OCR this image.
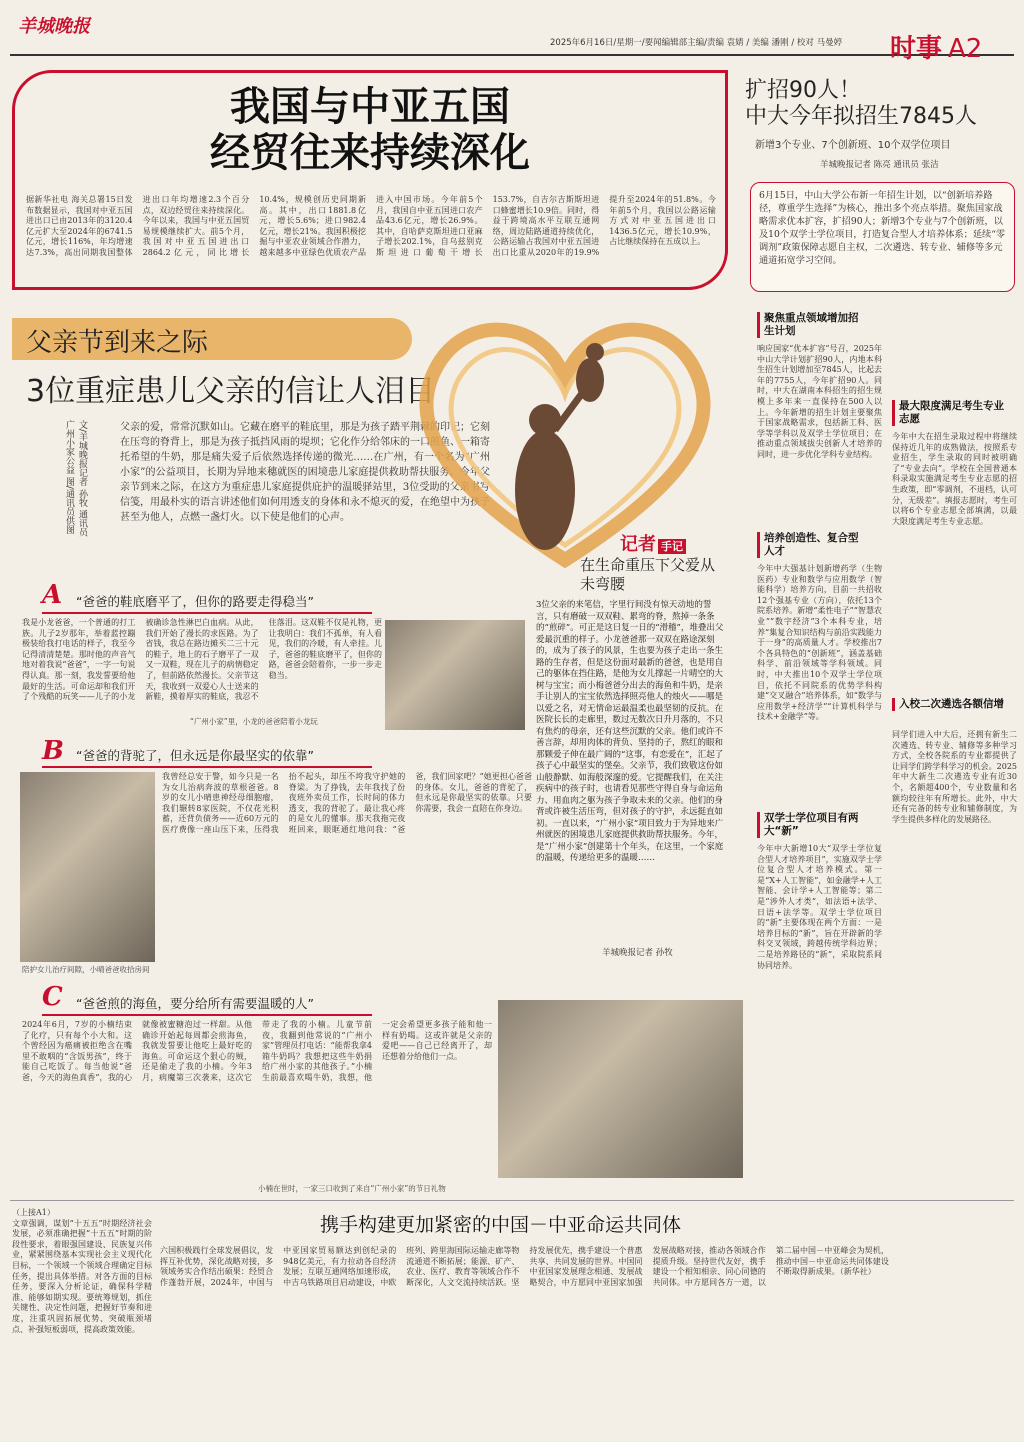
羊城晚报
2025年6月16日/星期一/要闻编辑部主编/责编 袁婧 / 美编 潘刚 / 校对 马曼婷 时事 A2
我国与中亚五国
经贸往来持续深化
据新华社电 海关总署15日发布数据显示，我国对中亚五国进出口已由2013年的3120.4亿元扩大至2024年的6741.5亿元，增长116%，年均增速达7.3%，高出同期我国整体进出口年均增速2.3个百分点，双边经贸往来持续深化。今年以来，我国与中亚五国贸易规模继续扩大。前5个月，我国对中亚五国进出口2864.2亿元，同比增长10.4%，规模创历史同期新高。其中，出口1881.8亿元，增长5.6%；进口982.4亿元，增长21%。我国积极挖掘与中亚农业领域合作潜力，越来越多中亚绿色优质农产品进入中国市场。今年前5个月，我国自中亚五国进口农产品43.6亿元，增长26.9%。其中，自哈萨克斯坦进口亚麻子增长202.1%，自乌兹别克斯坦进口葡萄干增长153.7%，自吉尔吉斯斯坦进口蜂蜜增长10.9倍。同时，得益于跨境高水平互联互通网络，周边陆路通道持续优化，公路运输占我国对中亚五国进出口比重从2020年的19.9%提升至2024年的51.8%。今年前5个月，我国以公路运输方式对中亚五国进出口1436.5亿元，增长10.9%，占比继续保持在五成以上。
扩招90人！
中大今年拟招生7845人
新增3个专业、7个创新班、10个双学位项目
羊城晚报记者 陈亮 通讯员 张洁
6月15日，中山大学公布新一年招生计划，以“创新培养路径，尊重学生选择”为核心，推出多个亮点举措。聚焦国家战略需求优本扩容，扩招90人；新增3个专业与7个创新班，以及10个双学士学位项目，打造复合型人才培养体系；延续“零调剂”政策保障志愿自主权，二次遴选、转专业、辅修等多元通道拓宽学习空间。
父亲节到来之际
3位重症患儿父亲的信让人泪目
文/羊城晚报记者 孙牧 通讯员 广州小家公益 图/通讯员供图	父亲的爱，常常沉默如山。它藏在磨平的鞋底里，那是为孩子踏平荆棘的印记；它刻在压弯的脊背上，那是为孩子抵挡风雨的堤坝；它化作分给邻床的一口煎鱼、一箱寄托希望的牛奶，那是痛失爱子后依然选择传递的微光……在广州，有一个名为“广州小家”的公益项目，长期为异地来穗就医的困境患儿家庭提供救助帮扶服务。今年父亲节到来之际，在这方为重症患儿家庭提供庇护的温暖驿站里，3位受助的父亲书写信笺，用最朴实的语言讲述他们如何用透支的身体和永不熄灭的爱，在绝望中为孩子甚至为他人，点燃一盏灯火。以下使是他们的心声。
记者 手记
在生命重压下父爱从未弯腰
3位父亲的来笔信，字里行间没有惊天动地的誓言，只有磨破一双双鞋、累弯的脊，熬掉一条条的“煎碎”。可正是这日复一日的“滑稽”，堆叠出父爱最沉重的样子。小龙爸爸那一双双在路途深刻的，成为了孩子的风景，生也要为孩子走出一条生路的生存者，但是这份面对最新的爸爸，也是用自己的躯体在挡住路，是他为女儿撑起一片晴空的大树与宝宝；而小梅爸爸分出去的海鱼和牛奶，是亲手让别人的宝宝依然选择照亮他人的烛火——哪是以爱之名，对无情命运最温柔也最坚韧的反抗。在医院长长的走廊里，数过无数次日升月落的，不只有焦灼的母亲，还有这些沉默的父亲。他们或许不善言辞，却用肉体的背负、坚持的子，熬红的眼和那颗爱子伸在最广阔的“这事，有恋爱在”，汇起了孩子心中最坚实的堡垒。父亲节，我们致敬这份如山般静默、如海般深邃的爱。它提醒我们，在关注疾病中的孩子时，也请看见那些守得自身与命运角力、用血肉之躯为孩子争取未来的父亲。他们的身背或许被生活压弯，但对孩子的守护，永远挺直如初。一直以来，“广州小家”项目致力于为异地来广州就医的困境患儿家庭提供救助帮扶服务。今年，是“广州小家”创建第十个年头，在这里，一个家庭的温暖，传递给更多的温暖……
羊城晚报记者 孙牧
A “爸爸的鞋底磨平了，但你的路要走得稳当”
我是小龙爸爸，一个普通的打工族。儿子2岁那年，举着蓝控蹦极装给我打电话的样子，我至今记得清清楚楚。那时他的声音气地对着我说“爸爸”，一字一句说得认真。那一刻，我发誓要给他最好的生活。可命运却和我们开了个残酷的玩笑——儿子的小龙被确诊急性淋巴白血病。从此，我们开始了漫长的求医路。为了省钱，我总在路边摊买二三十元的鞋子，地上的石子磨平了一双又一双鞋，现在儿子的病情稳定了，但前路依然漫长。父亲节这天，我收到一双爱心人士送来的新鞋，摸着厚实的鞋底，我忍不住落泪。这双鞋不仅是礼物，更让我明白：我们不孤单，有人看见，我们的冷暖，有人牵挂。儿子，爸爸的鞋底磨平了，但你的路，爸爸会陪着你，一步一步走稳当。
“广州小家”里，小龙的爸爸陪着小龙玩
B “爸爸的背驼了，但永远是你最坚实的依靠”
陪护女儿治疗间隙，小晴爸爸收拾房间
我曾经总安于警，如今只是一名为女儿治病奔波的草根爸爸。8岁的女儿小晴患神经母细胞瘤，我们辗转8家医院，不仅花光积蓄，还背负债务——近60万元的医疗费像一座山压下来，压得我抬不起头，却压不垮我守护她的脊梁。为了挣钱，去年我找了份夜班外卖员工作，长时间的体力透支，我的背驼了。最让我心疼的是女儿的懂事。那天我拖完夜班回来，眼眶通红地问我：“爸爸，我们回家吧？”她更担心爸爸的身体。女儿，爸爸的背驼了，但永远是你最坚实的依靠。只要你需要，我会一直陪在你身边。
C “爸爸煎的海鱼，要分给所有需要温暖的人”
2024年6月，7岁的小楠结束了化疗，只有每个小大和。这个曾经因为癌痛被拒绝含在嘴里不敢咽的“含饭男孩”，终于能自己吃饭了。每当他说“爸爸，今天的海鱼真香”，我的心就像被蜜糖泡过一样甜。从他确诊开始起每周都会煎海鱼，我就发誓要让他吃上最好吃的海鱼。可命运这个狠心的贼，还是偷走了我的小楠。今年3月，病魔第三次袭来，这次它带走了我的小楠。儿童节前夜，我翻到他常说的“广州小家”管理员打电话：“能帮我拿4箱牛奶吗？我想把这些牛奶捐给广州小家的其他孩子。”小楠生前最喜欢喝牛奶，我想，他一定会希望更多孩子能和他一样有奶喝。这或许就是父亲的爱吧——自己已经离开了，却还想着分给他们一点。
小楠在世时，一家三口收到了来自“广州小家”的节日礼物
聚焦重点领域增加招生计划
响应国家“优本扩容”号召，2025年中山大学计划扩招90人，内地本科生招生计划增加至7845人，比起去年的7755人，今年扩招90人。同时，中大在湖南本科招生的招生规模上多年来一直保持在500人以上。今年新增的招生计划主要聚焦于国家战略需求，包括新工科、医学等学科以及双学士学位项目；在推动重点领域拔尖创新人才培养的同时，进一步优化学科专业结构。
培养创造性、复合型人才
今年中大强基计划新增药学（生物医药）专业和数学与应用数学（智能科学）培养方向，目前一共招收12个强基专业（方向），依托13个院系培养。新增“柔性电子”“智慧农业”“数字经济”3个本科专业，培养“集复合知识结构与前沿实践能力于一身”的高质量人才。学校推出7个各具特色的“创新班”，涵盖基础科学、前沿领域等学科领域。同时，中大推出10个双学士学位项目，依托不同院系的优势学科构建“交叉融合”培养体系，如“数学与应用数学+经济学”“计算机科学与技术+金融学”等。
双学士学位项目有两大“新”
今年中大新增10大“双学士学位复合型人才培养项目”，实施双学士学位复合型人才培养模式。第一是“X+人工智能”，如金融学+人工智能、会计学+人工智能等；第二是“涉外人才类”，如法语+法学、日语+法学等。双学士学位项目的“新”主要体现在两个方面：一是培养目标的“新”，旨在开辟新的学科交叉领域，跨越传统学科边界；二是培养路径的“新”，采取院系间协同培养。
最大限度满足考生专业志愿
今年中大在招生录取过程中将继续保持近几年的成熟做法，按照系专业招生，学生录取的同时被明确了“专业去向”。学校在全国普通本科录取实施满足考生专业志愿的招生政策，即“零调剂，不退档，认可分，无级差”。填报志愿时，考生可以将6个专业志愿全部填满，以最大限度满足考生专业志愿。
入校二次遴选各额信增
同学们进入中大后，还拥有新生二次遴选、转专业、辅修等多种学习方式，全校各院系的专业都提供了让同学们跨学科学习的机会。2025年中大新生二次遴选专业有近30个，名额超400个，专业数量和名额均较往年有所增长。此外，中大还有完备的转专业和辅修制度，为学生提供多样化的发展路径。
（上接A1）
文章强调，谋划“十五五”时期经济社会发展，必须准确把握“十五五”时期的阶段性要求，着眼强国建设、民族复兴伟业，紧紧围绕基本实现社会主义现代化目标，一个领域一个领域合理确定目标任务，提出具体举措。对各方面的目标任务，要深入分析论证，确保科学精准、能够如期实现。要统筹规划，抓住关键性、决定性问题，把握好节奏和进度，注重巩固拓展优势、突破瓶颈堵点、补强短板弱项，提高政策效能。
携手构建更加紧密的中国－中亚命运共同体
六国积极践行全球发展倡议，发挥互补优势，深化战略对接，多领域务实合作结出硕果：经贸合作蓬勃开展，2024年，中国与中亚国家贸易额达到创纪录的948亿美元，有力拉动各自经济发展；互联互通网络加速形成，中吉乌铁路项目启动建设，中欧班列、跨里海国际运输走廊等物流通道不断拓展；能源、矿产、农业、医疗、教育等领域合作不断深化，人文交流持续活跃。坚持发展优先，携手建设一个普惠共享、共同发展的世界。中国同中亚国家发展理念相通、发展战略契合，中方愿同中亚国家加强发展战略对接，推动各领域合作提质升级。坚持世代友好，携手建设一个相知相亲、同心同德的共同体。中方愿同各方一道，以第二届中国－中亚峰会为契机，推动中国－中亚命运共同体建设不断取得新成果。（新华社）
